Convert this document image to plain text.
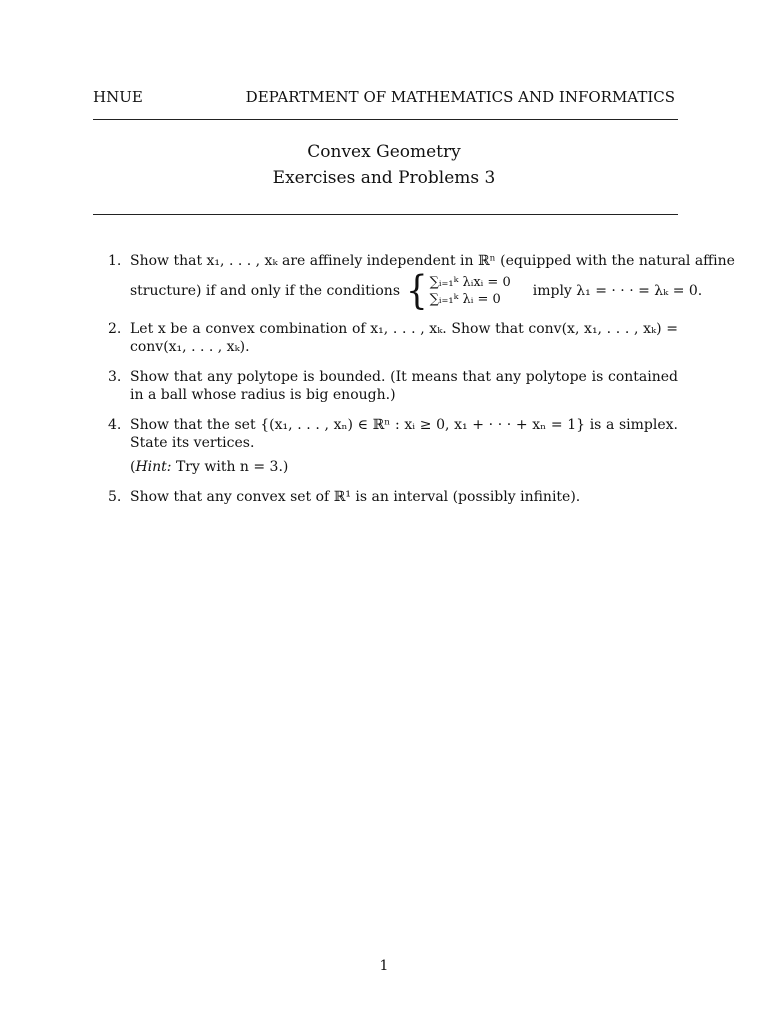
HNUE	DEPARTMENT OF MATHEMATICS AND INFORMATICS
Convex Geometry
Exercises and Problems 3
1. Show that x₁, . . . , xₖ are affinely independent in ℝⁿ (equipped with the natural affine
structure) if and only if the conditions { ∑ᵢ₌₁ᵏ λᵢxᵢ = 0
∑ᵢ₌₁ᵏ λᵢ = 0
imply λ₁ = · · · = λₖ = 0.
2. Let x be a convex combination of x₁, . . . , xₖ. Show that conv(x, x₁, . . . , xₖ) = conv(x₁, . . . , xₖ).
3. Show that any polytope is bounded. (It means that any polytope is contained in a ball whose radius is big enough.)
4. Show that the set {(x₁, . . . , xₙ) ∈ ℝⁿ : xᵢ ≥ 0, x₁ + · · · + xₙ = 1} is a simplex. State its vertices.
(Hint: Try with n = 3.)
5. Show that any convex set of ℝ¹ is an interval (possibly infinite).
1
